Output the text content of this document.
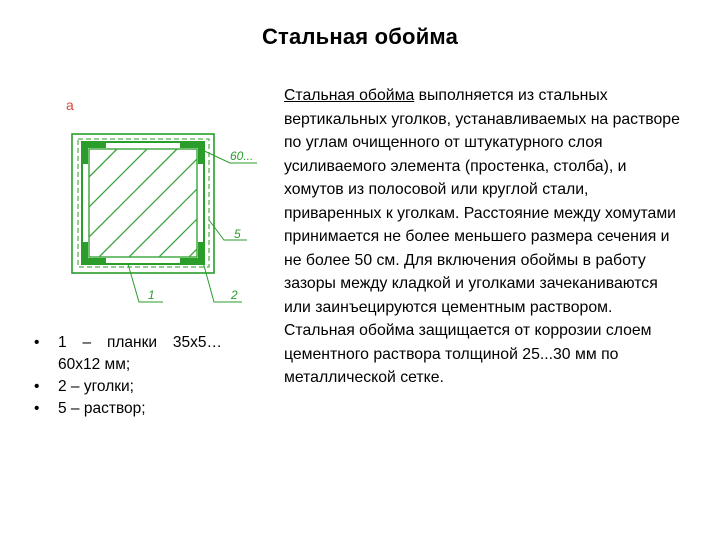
Стальная обойма
а
60...
5
1	2
• 1 – планки 35х5…60х12 мм;
• 2 – уголки;
• 5 – раствор;
Стальная обойма выполняется из стальных вертикальных уголков, устанавливаемых на растворе по углам очищенного от штукатурного слоя усиливаемого элемента (простенка, столба), и хомутов из полосовой или круглой стали, приваренных к уголкам. Расстояние между хомутами принимается не более меньшего размера сечения и не более 50 см. Для включения обоймы в работу зазоры между кладкой и уголками зачеканиваются или заинъецируются цементным раствором. Стальная обойма защищается от коррозии слоем цементного раствора толщиной 25...30 мм по металлической сетке.
